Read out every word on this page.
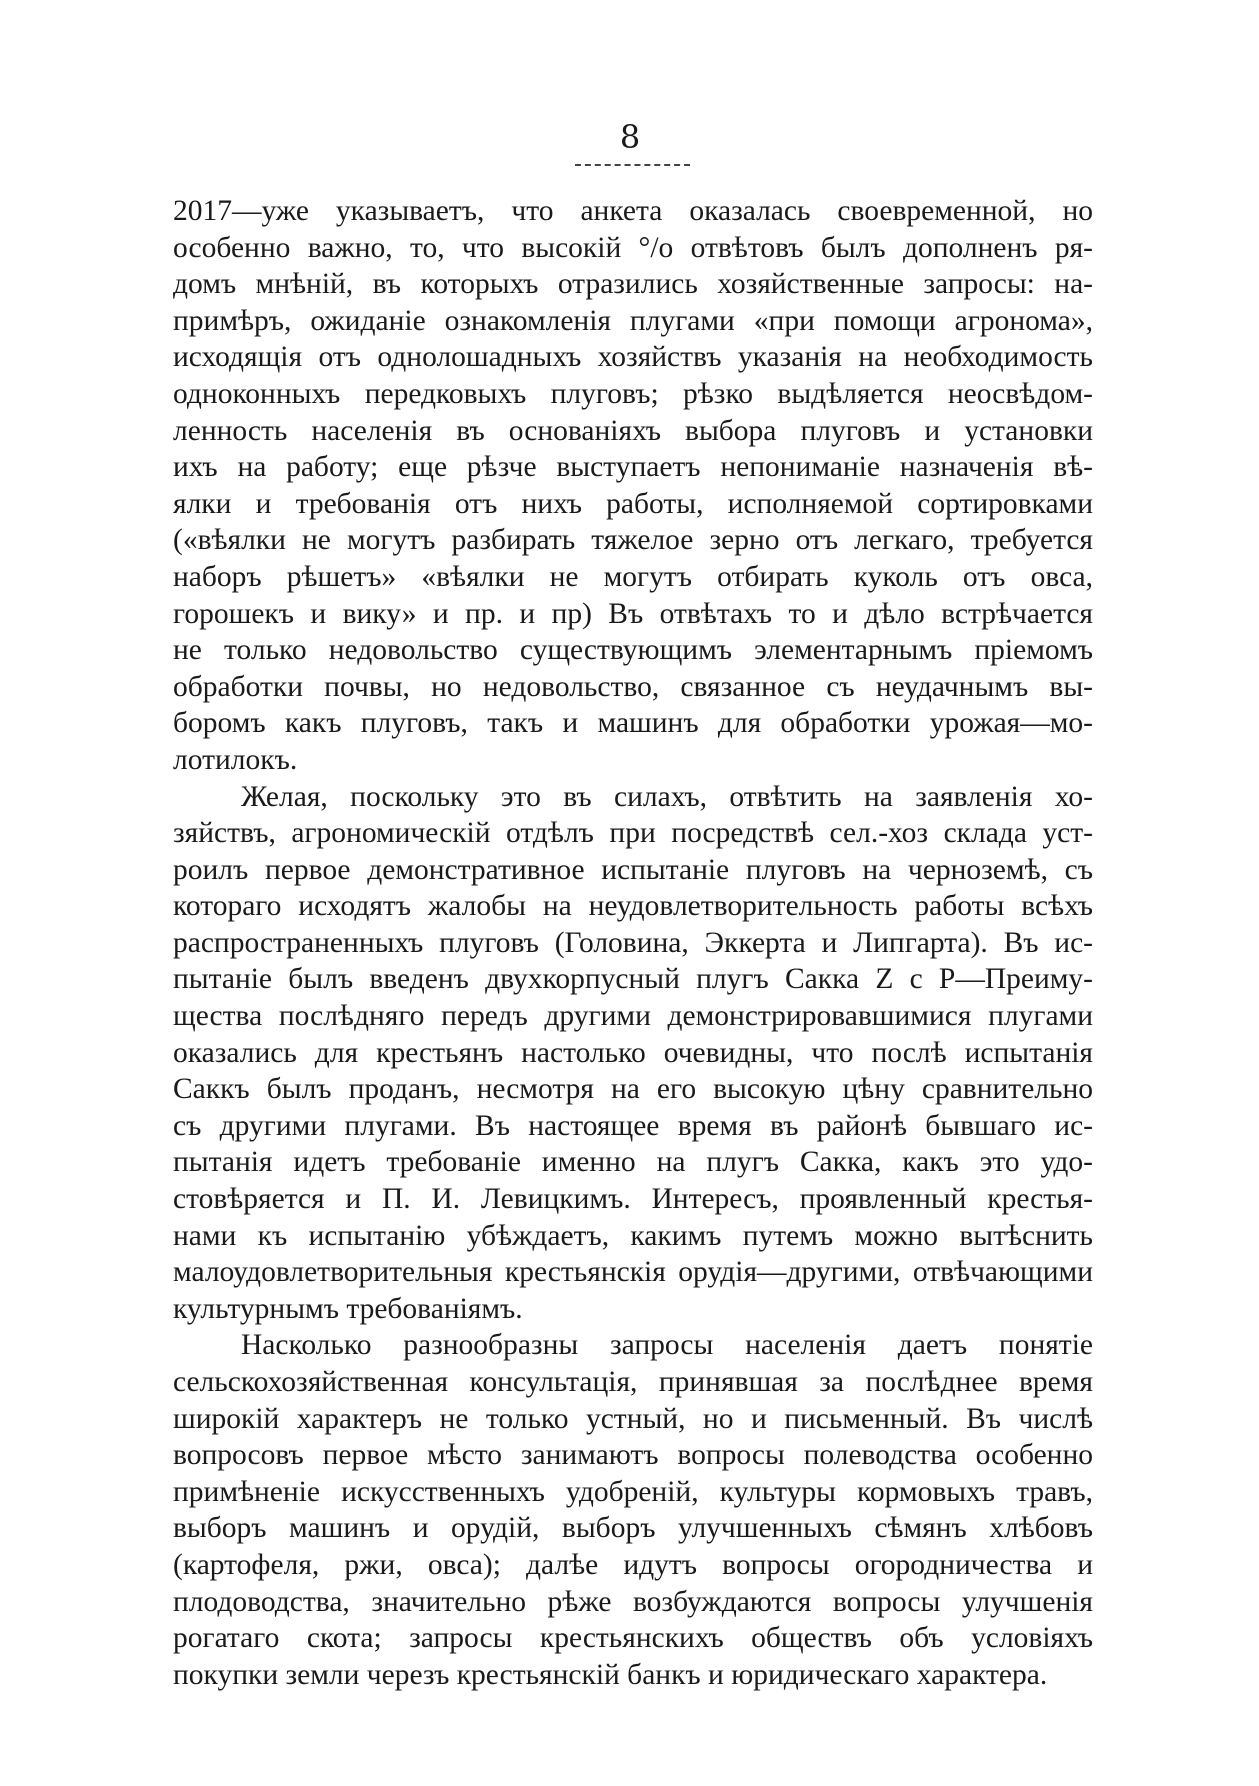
8
2017—уже указываетъ, что анкета оказалась своевременной, но
особенно важно, то, что высокій °/о отвѣтовъ былъ дополненъ ря-
домъ мнѣній, въ которыхъ отразились хозяйственные запросы: на-
примѣръ, ожиданіе ознакомленія плугами «при помощи агронома»,
исходящія отъ однолошадныхъ хозяйствъ указанія на необходимость
одноконныхъ передковыхъ плуговъ; рѣзко выдѣляется неосвѣдом-
ленность населенія въ основаніяхъ выбора плуговъ и установки
ихъ на работу; еще рѣзче выступаетъ непониманіе назначенія вѣ-
ялки и требованія отъ нихъ работы, исполняемой сортировками
(«вѣялки не могутъ разбирать тяжелое зерно отъ легкаго, требуется
наборъ рѣшетъ» «вѣялки не могутъ отбирать куколь отъ овса,
горошекъ и вику» и пр. и пр) Въ отвѣтахъ то и дѣло встрѣчается
не только недовольство существующимъ элементарнымъ пріемомъ
обработки почвы, но недовольство, связанное съ неудачнымъ вы-
боромъ какъ плуговъ, такъ и машинъ для обработки урожая—мо-
лотилокъ.
Желая, поскольку это въ силахъ, отвѣтить на заявленія хо-
зяйствъ, агрономическій отдѣлъ при посредствѣ сел.-хоз склада уст-
роилъ первое демонстративное испытаніе плуговъ на черноземѣ, съ
котораго исходятъ жалобы на неудовлетворительность работы всѣхъ
распространенныхъ плуговъ (Головина, Эккерта и Липгарта). Въ ис-
пытаніе былъ введенъ двухкорпусный плугъ Сакка Z с Р—Преиму-
щества послѣдняго передъ другими демонстрировавшимися плугами
оказались для крестьянъ настолько очевидны, что послѣ испытанія
Саккъ былъ проданъ, несмотря на его высокую цѣну сравнительно
съ другими плугами. Въ настоящее время въ районѣ бывшаго ис-
пытанія идетъ требованіе именно на плугъ Сакка, какъ это удо-
стовѣряется и П. И. Левицкимъ. Интересъ, проявленный крестья-
нами къ испытанію убѣждаетъ, какимъ путемъ можно вытѣснить
малоудовлетворительныя крестьянскія орудія—другими, отвѣчающими
культурнымъ требованіямъ.
Насколько разнообразны запросы населенія даетъ понятіе
сельскохозяйственная консультація, принявшая за послѣднее время
широкій характеръ не только устный, но и письменный. Въ числѣ
вопросовъ первое мѣсто занимаютъ вопросы полеводства особенно
примѣненіе искусственныхъ удобреній, культуры кормовыхъ травъ,
выборъ машинъ и орудій, выборъ улучшенныхъ сѣмянъ хлѣбовъ
(картофеля, ржи, овса); далѣе идутъ вопросы огородничества и
плодоводства, значительно рѣже возбуждаются вопросы улучшенія
рогатаго скота; запросы крестьянскихъ обществъ объ условіяхъ
покупки земли черезъ крестьянскій банкъ и юридическаго характера.
